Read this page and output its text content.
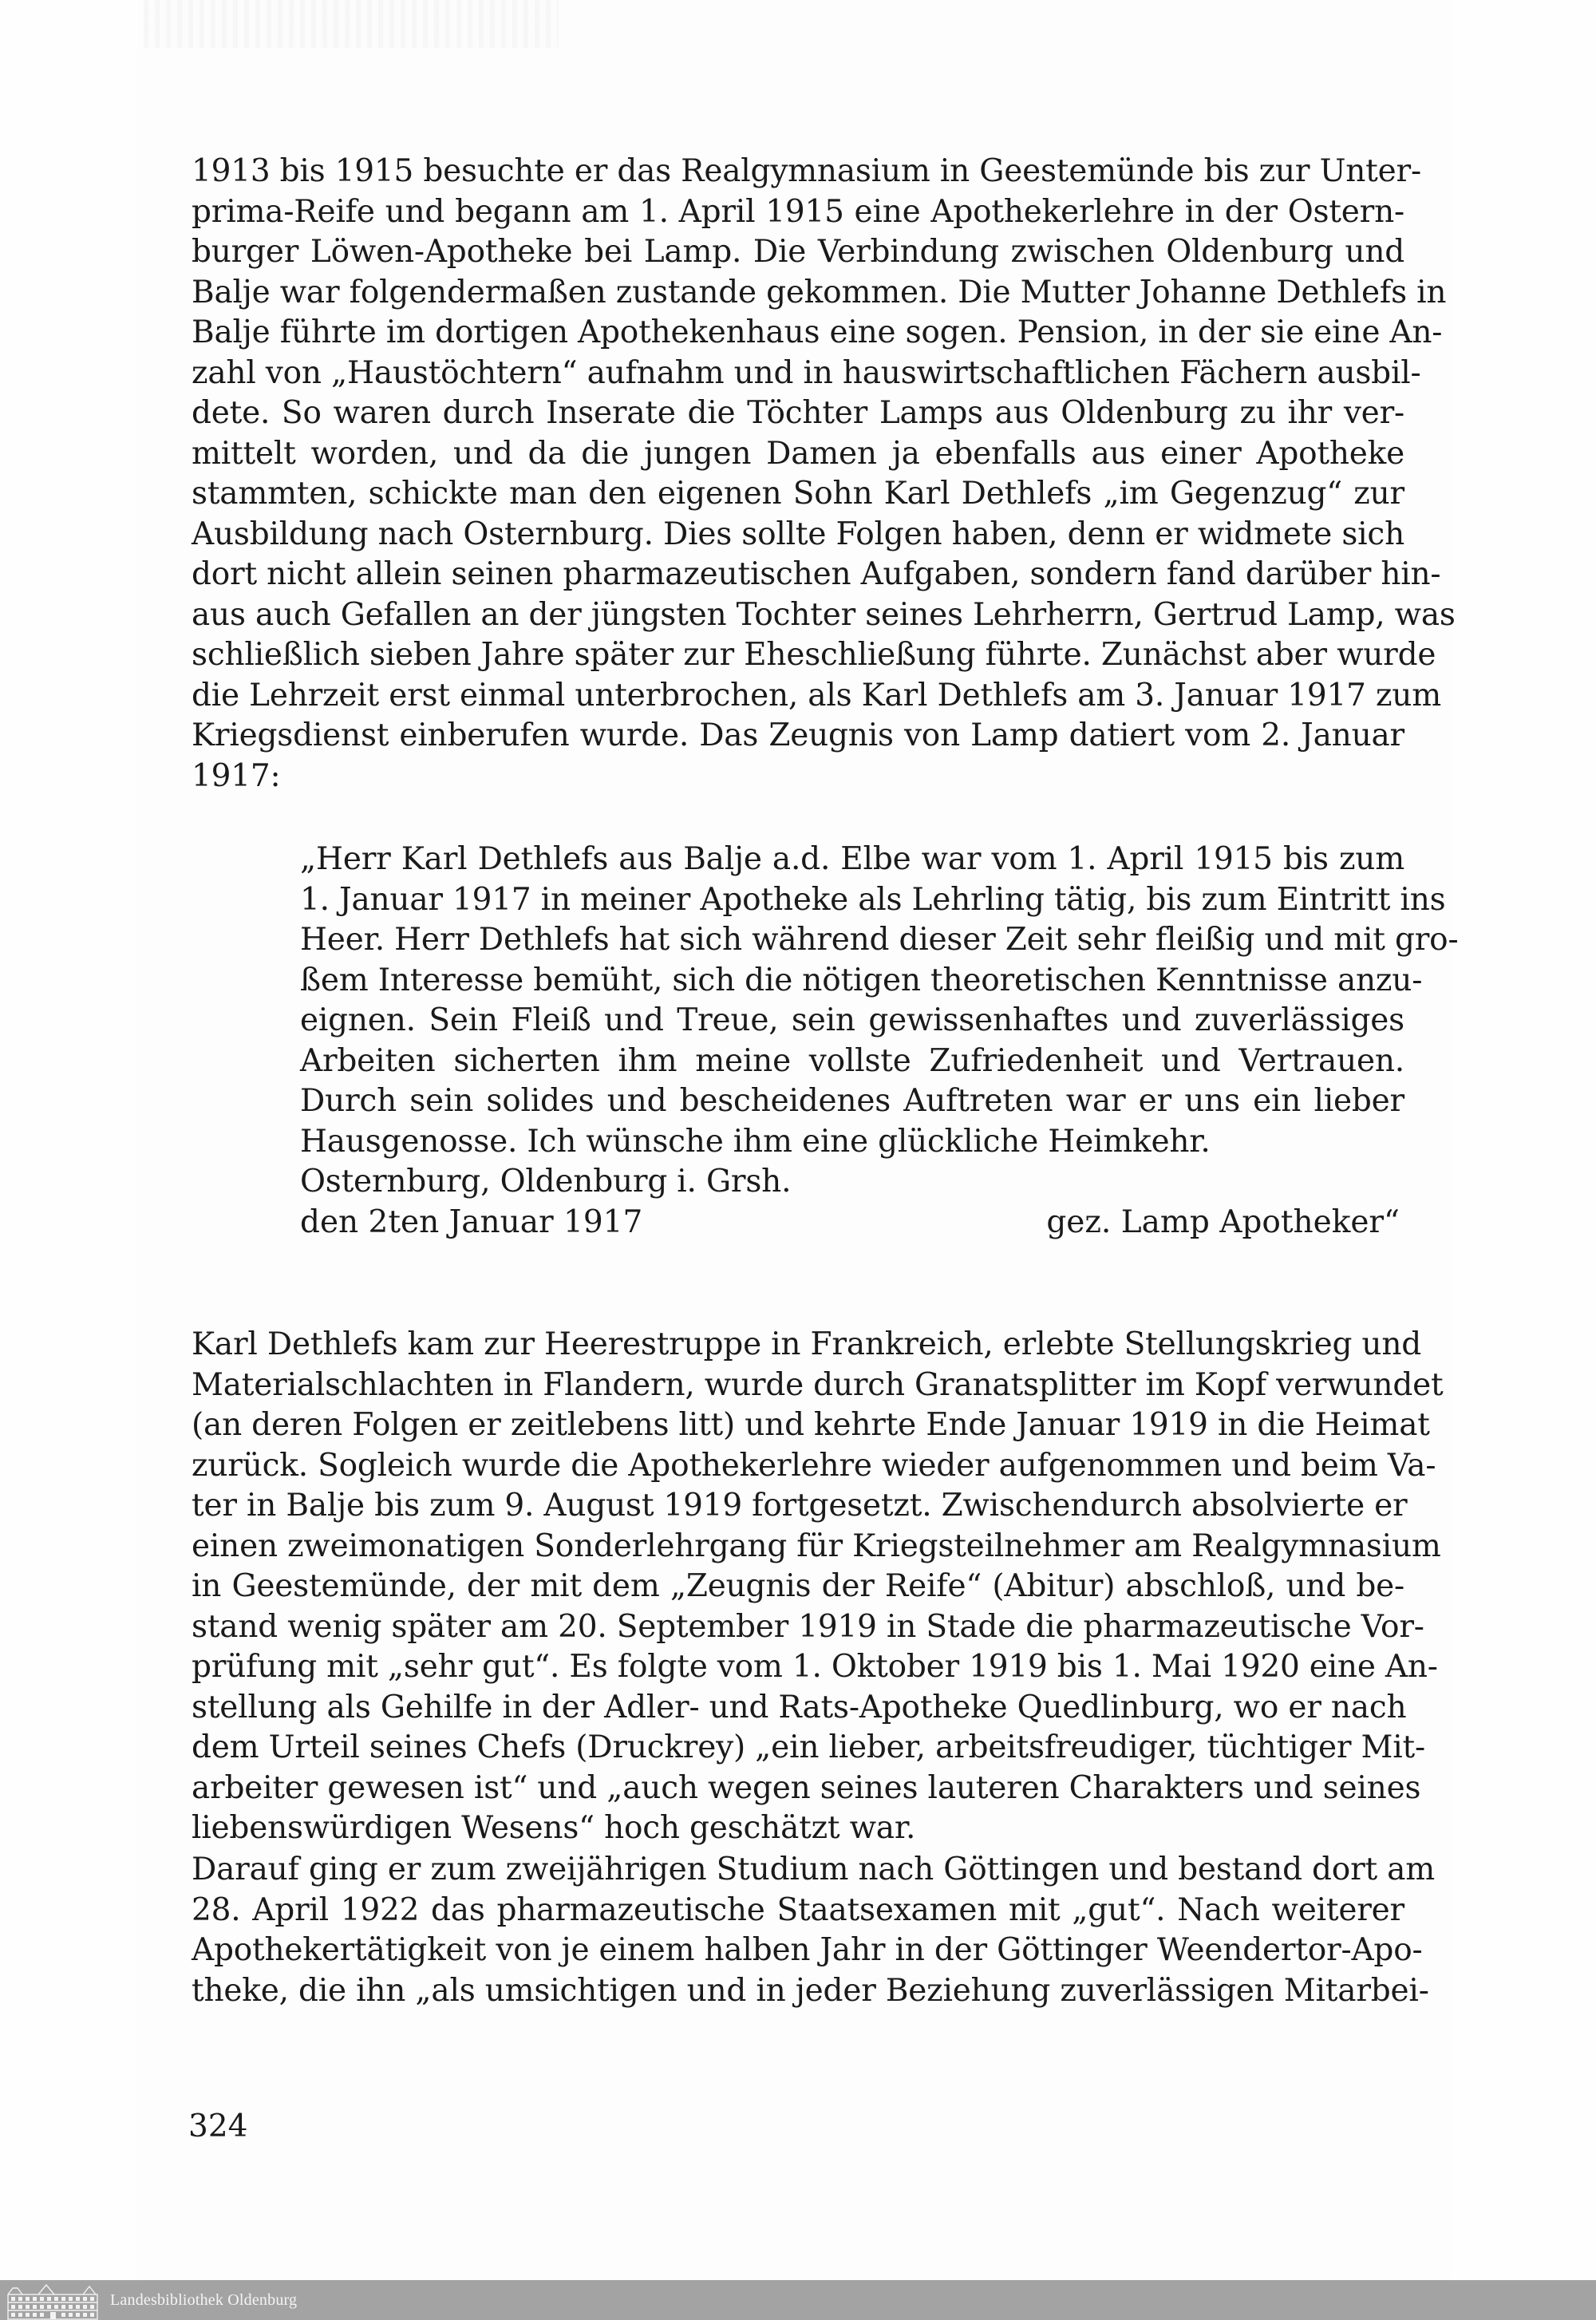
1913 bis 1915 besuchte er das Realgymnasium in Geestemünde bis zur Unter-
prima-Reife und begann am 1. April 1915 eine Apothekerlehre in der Ostern-
burger Löwen-Apotheke bei Lamp. Die Verbindung zwischen Oldenburg und
Balje war folgendermaßen zustande gekommen. Die Mutter Johanne Dethlefs in
Balje führte im dortigen Apothekenhaus eine sogen. Pension, in der sie eine An-
zahl von „Haustöchtern“ aufnahm und in hauswirtschaftlichen Fächern ausbil-
dete. So waren durch Inserate die Töchter Lamps aus Oldenburg zu ihr ver-
mittelt worden, und da die jungen Damen ja ebenfalls aus einer Apotheke
stammten, schickte man den eigenen Sohn Karl Dethlefs „im Gegenzug“ zur
Ausbildung nach Osternburg. Dies sollte Folgen haben, denn er widmete sich
dort nicht allein seinen pharmazeutischen Aufgaben, sondern fand darüber hin-
aus auch Gefallen an der jüngsten Tochter seines Lehrherrn, Gertrud Lamp, was
schließlich sieben Jahre später zur Eheschließung führte. Zunächst aber wurde
die Lehrzeit erst einmal unterbrochen, als Karl Dethlefs am 3. Januar 1917 zum
Kriegsdienst einberufen wurde. Das Zeugnis von Lamp datiert vom 2. Januar
1917:
„Herr Karl Dethlefs aus Balje a.d. Elbe war vom 1. April 1915 bis zum
1. Januar 1917 in meiner Apotheke als Lehrling tätig, bis zum Eintritt ins
Heer. Herr Dethlefs hat sich während dieser Zeit sehr fleißig und mit gro-
ßem Interesse bemüht, sich die nötigen theoretischen Kenntnisse anzu-
eignen. Sein Fleiß und Treue, sein gewissenhaftes und zuverlässiges
Arbeiten sicherten ihm meine vollste Zufriedenheit und Vertrauen.
Durch sein solides und bescheidenes Auftreten war er uns ein lieber
Hausgenosse. Ich wünsche ihm eine glückliche Heimkehr.
Osternburg, Oldenburg i. Grsh.
den 2ten Januar 1917	gez. Lamp Apotheker“
Karl Dethlefs kam zur Heerestruppe in Frankreich, erlebte Stellungskrieg und
Materialschlachten in Flandern, wurde durch Granatsplitter im Kopf verwundet
(an deren Folgen er zeitlebens litt) und kehrte Ende Januar 1919 in die Heimat
zurück. Sogleich wurde die Apothekerlehre wieder aufgenommen und beim Va-
ter in Balje bis zum 9. August 1919 fortgesetzt. Zwischendurch absolvierte er
einen zweimonatigen Sonderlehrgang für Kriegsteilnehmer am Realgymnasium
in Geestemünde, der mit dem „Zeugnis der Reife“ (Abitur) abschloß, und be-
stand wenig später am 20. September 1919 in Stade die pharmazeutische Vor-
prüfung mit „sehr gut“. Es folgte vom 1. Oktober 1919 bis 1. Mai 1920 eine An-
stellung als Gehilfe in der Adler- und Rats-Apotheke Quedlinburg, wo er nach
dem Urteil seines Chefs (Druckrey) „ein lieber, arbeitsfreudiger, tüchtiger Mit-
arbeiter gewesen ist“ und „auch wegen seines lauteren Charakters und seines
liebenswürdigen Wesens“ hoch geschätzt war.
Darauf ging er zum zweijährigen Studium nach Göttingen und bestand dort am
28. April 1922 das pharmazeutische Staatsexamen mit „gut“. Nach weiterer
Apothekertätigkeit von je einem halben Jahr in der Göttinger Weendertor-Apo-
theke, die ihn „als umsichtigen und in jeder Beziehung zuverlässigen Mitarbei-
324
Landesbibliothek Oldenburg
